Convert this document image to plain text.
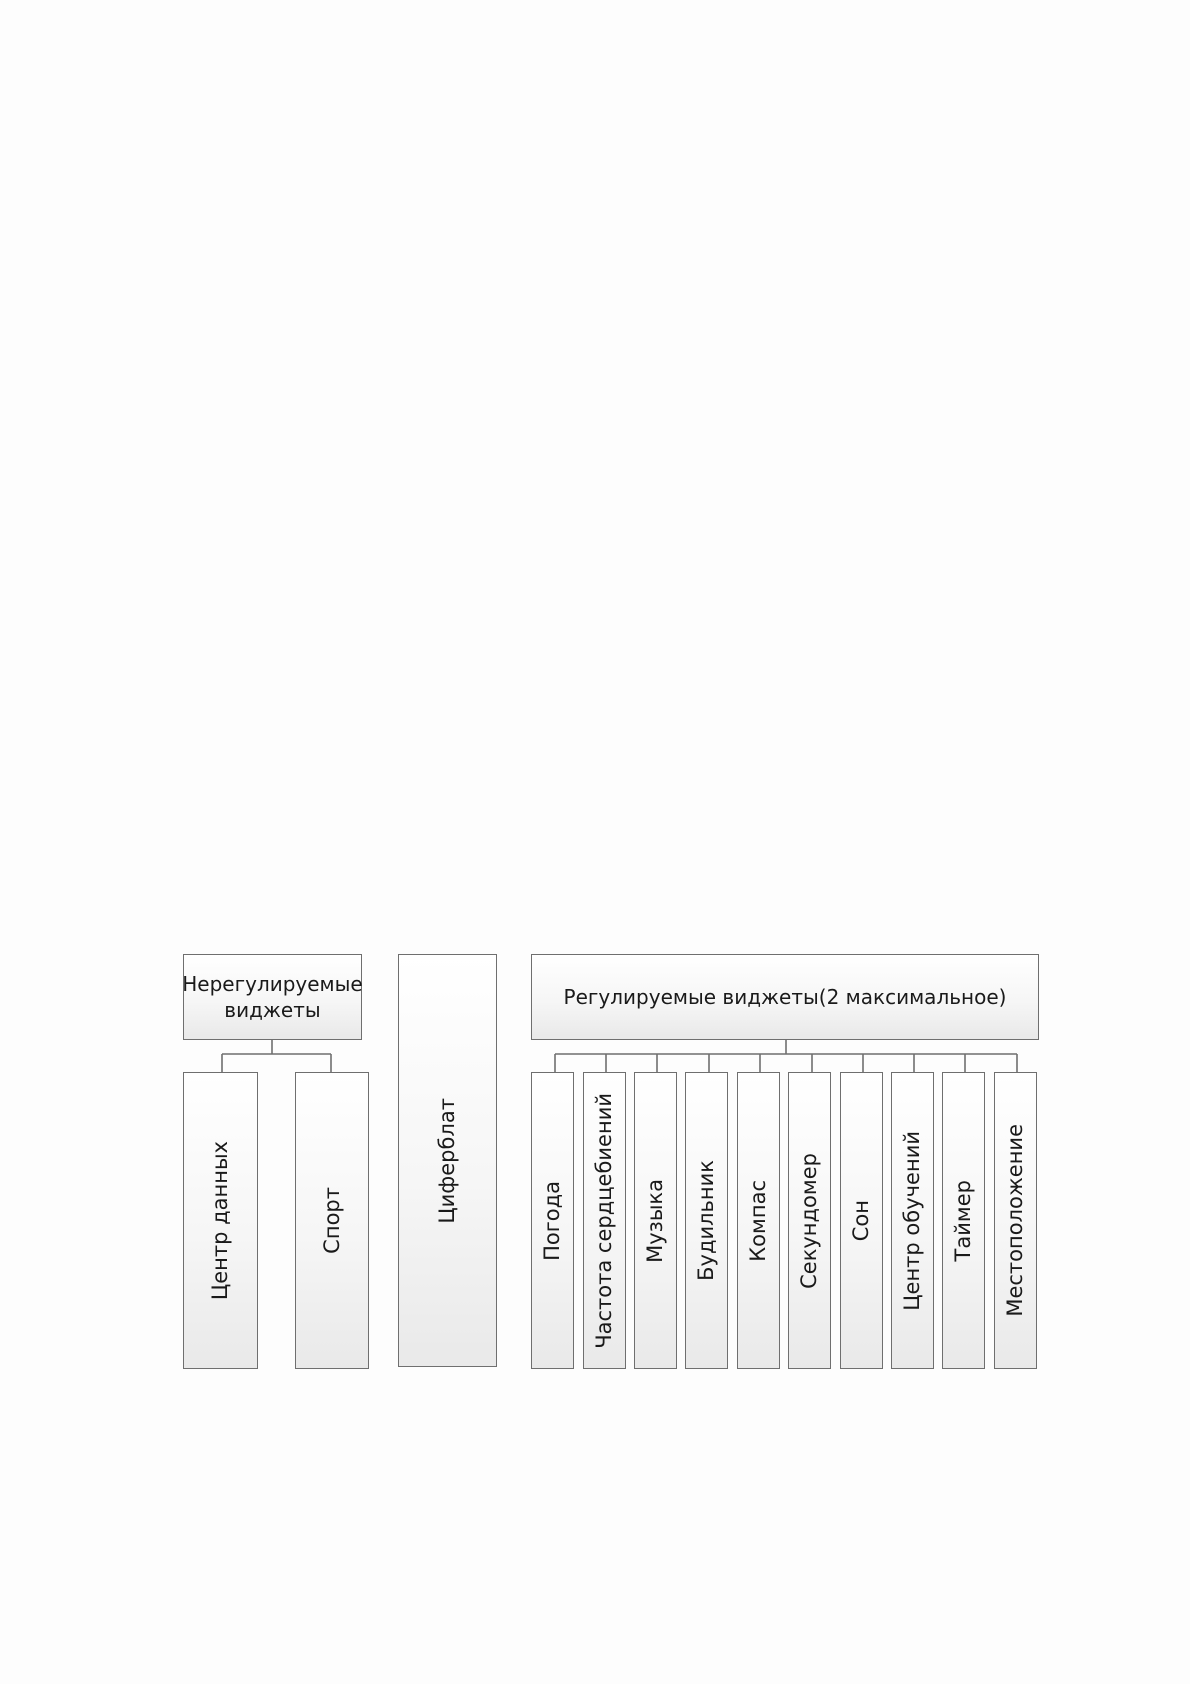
Нерегулируемые виджеты
Центр данных	Спорт	Циферблат
Регулируемые виджеты(2 максимальное)
Погода Частота сердцебиений Музыка Будильник Компас Секундомер Сон Центр обучений Таймер Местоположение
